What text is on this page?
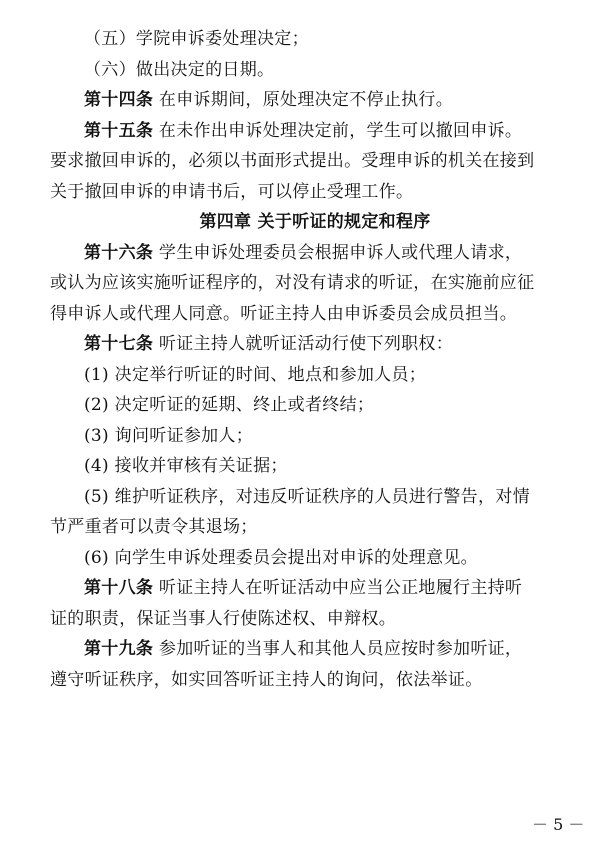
（五）学院申诉委处理决定；
（六）做出决定的日期。
第十四条 在申诉期间，原处理决定不停止执行。
第十五条 在未作出申诉处理决定前，学生可以撤回申诉。
要求撤回申诉的，必须以书面形式提出。受理申诉的机关在接到
关于撤回申诉的申请书后，可以停止受理工作。
第四章 关于听证的规定和程序
第十六条 学生申诉处理委员会根据申诉人或代理人请求，
或认为应该实施听证程序的，对没有请求的听证，在实施前应征
得申诉人或代理人同意。听证主持人由申诉委员会成员担当。
第十七条 听证主持人就听证活动行使下列职权：
(1) 决定举行听证的时间、地点和参加人员；
(2) 决定听证的延期、终止或者终结；
(3) 询问听证参加人；
(4) 接收并审核有关证据；
(5) 维护听证秩序，对违反听证秩序的人员进行警告，对情
节严重者可以责令其退场；
(6) 向学生申诉处理委员会提出对申诉的处理意见。
第十八条 听证主持人在听证活动中应当公正地履行主持听
证的职责，保证当事人行使陈述权、申辩权。
第十九条 参加听证的当事人和其他人员应按时参加听证，
遵守听证秩序，如实回答听证主持人的询问，依法举证。
－ 5 －
